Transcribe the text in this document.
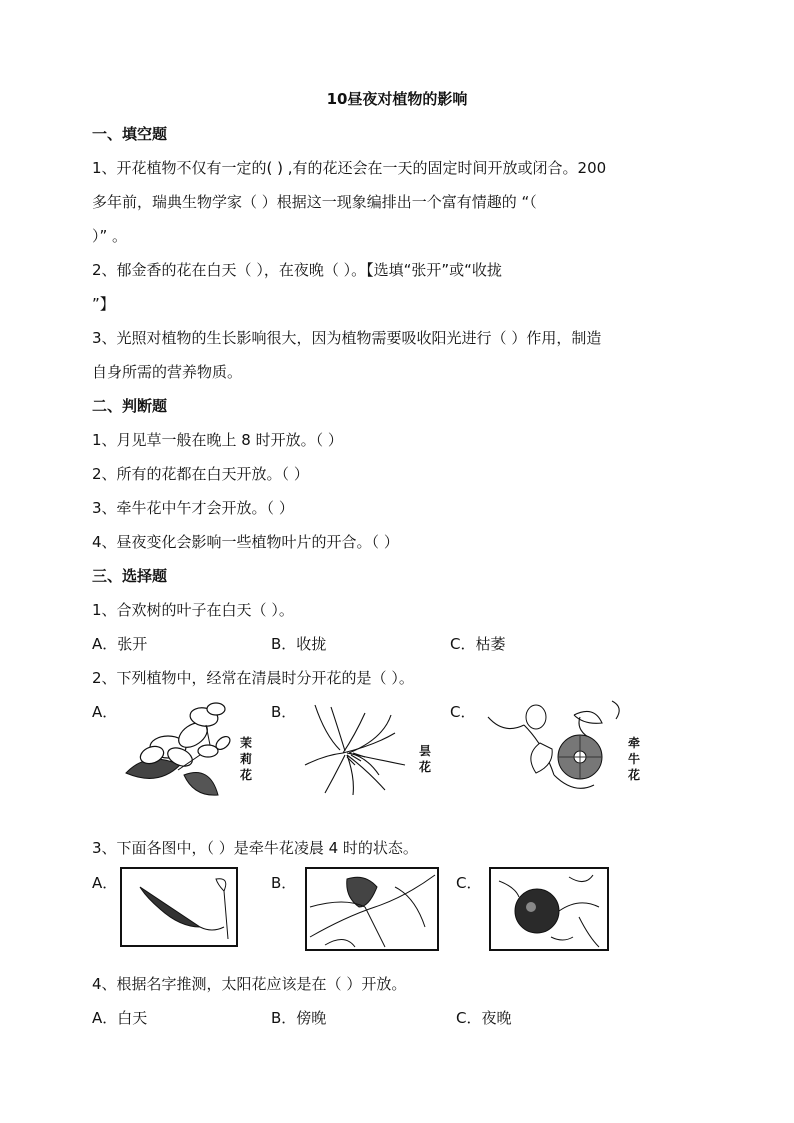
10昼夜对植物的影响
一、填空题
1、开花植物不仅有一定的( ) ,有的花还会在一天的固定时间开放或闭合。200
多年前，瑞典生物学家（ ）根据这一现象编排出一个富有情趣的 “（
）” 。
2、郁金香的花在白天（ ），在夜晚（ ）。【选填“张开”或“收拢
”】
3、光照对植物的生长影响很大，因为植物需要吸收阳光进行（ ）作用，制造
自身所需的营养物质。
二、判断题
1、月见草一般在晚上 8 时开放。（ ）
2、所有的花都在白天开放。（ ）
3、牵牛花中午才会开放。（ ）
4、昼夜变化会影响一些植物叶片的开合。（ ）
三、选择题
1、合欢树的叶子在白天（ ）。
A．张开	B．收拢	C．枯萎
2、下列植物中，经常在清晨时分开花的是（ ）。
A．	B．	C．
茉
莉
花
昙
花
牵
牛
花
3、下面各图中，（ ）是牵牛花凌晨 4 时的状态。
A．	B．	C．
4、根据名字推测，太阳花应该是在（ ）开放。
A．白天	B．傍晚	C．夜晚
